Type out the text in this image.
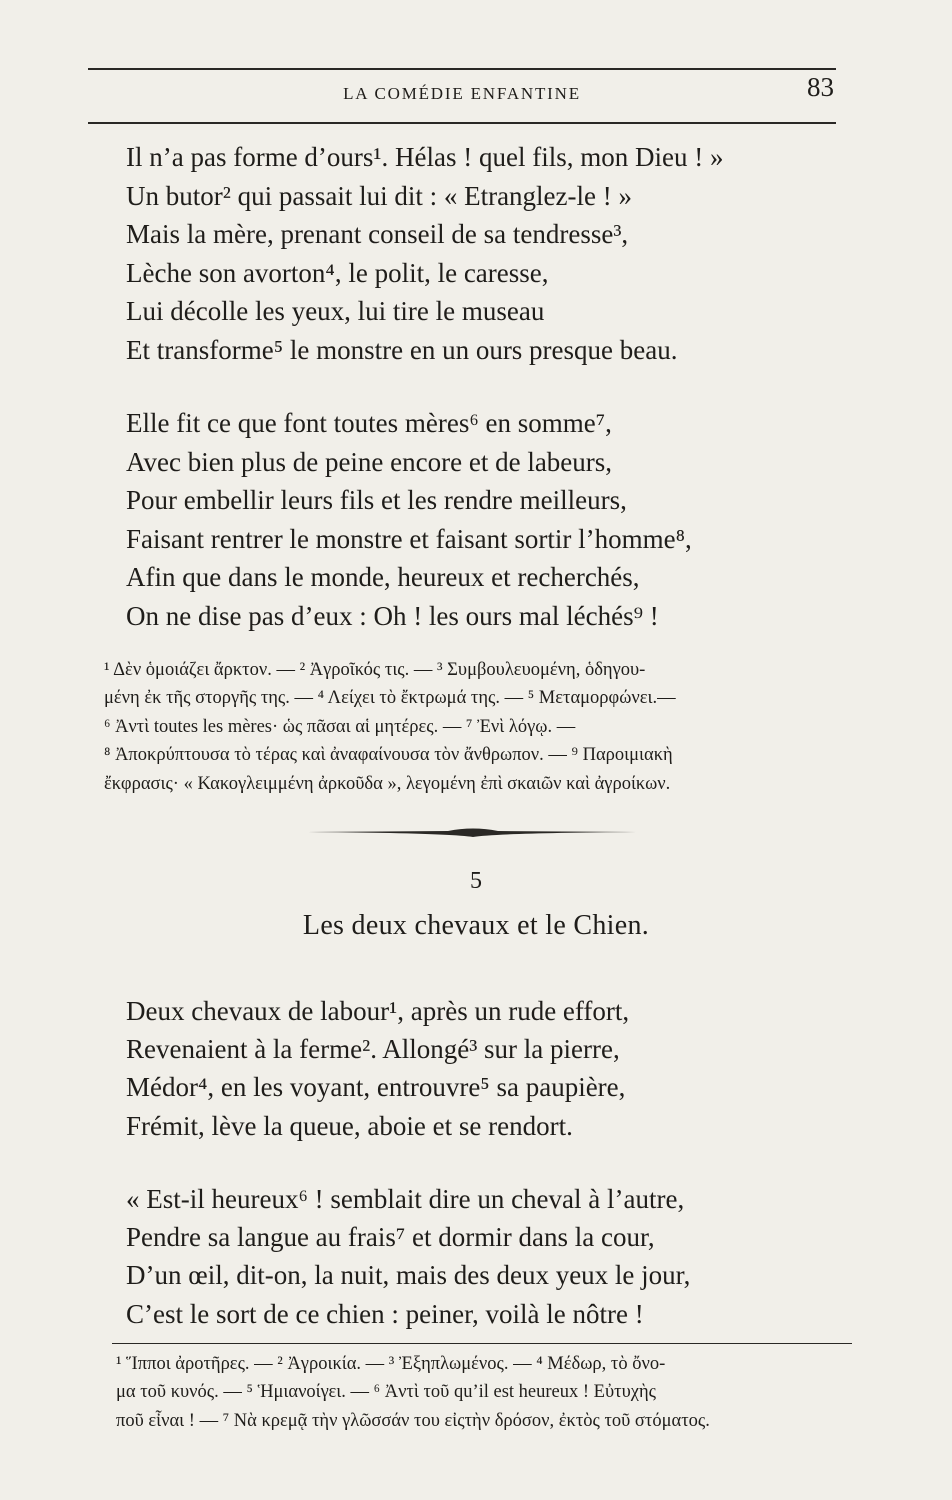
LA COMÉDIE ENFANTINE	83
Il n’a pas forme d’ours¹. Hélas ! quel fils, mon Dieu ! »
Un butor² qui passait lui dit : « Etranglez-le ! »
Mais la mère, prenant conseil de sa tendresse³,
Lèche son avorton⁴, le polit, le caresse,
Lui décolle les yeux, lui tire le museau
Et transforme⁵ le monstre en un ours presque beau.
Elle fit ce que font toutes mères⁶ en somme⁷,
Avec bien plus de peine encore et de labeurs,
Pour embellir leurs fils et les rendre meilleurs,
Faisant rentrer le monstre et faisant sortir l’homme⁸,
Afin que dans le monde, heureux et recherchés,
On ne dise pas d’eux : Oh ! les ours mal léchés⁹ !
¹ Δὲν ὁμοιάζει ἄρκτον. — ² Ἀγροῖκός τις. — ³ Συμβουλευομένη, ὁδηγου-
μένη ἐκ τῆς στοργῆς της. — ⁴ Λείχει τὸ ἔκτρωμά της. — ⁵ Μεταμορφώνει.—
⁶ Ἀντὶ toutes les mères· ὡς πᾶσαι αἱ μητέρες. — ⁷ Ἐνὶ λόγῳ. —
⁸ Ἀποκρύπτουσα τὸ τέρας καὶ ἀναφαίνουσα τὸν ἄνθρωπον. — ⁹ Παροιμιακὴ
ἔκφρασις· « Κακογλειμμένη ἀρκοῦδα », λεγομένη ἐπὶ σκαιῶν καὶ ἀγροίκων.
5
Les deux chevaux et le Chien.
Deux chevaux de labour¹, après un rude effort,
Revenaient à la ferme². Allongé³ sur la pierre,
Médor⁴, en les voyant, entrouvre⁵ sa paupière,
Frémit, lève la queue, aboie et se rendort.
« Est-il heureux⁶ ! semblait dire un cheval à l’autre,
Pendre sa langue au frais⁷ et dormir dans la cour,
D’un œil, dit-on, la nuit, mais des deux yeux le jour,
C’est le sort de ce chien : peiner, voilà le nôtre !
¹ Ἵπποι ἀροτῆρες. — ² Ἀγροικία. — ³ Ἐξηπλωμένος. — ⁴ Μέδωρ, τὸ ὄνο-
μα τοῦ κυνός. — ⁵ Ἡμιανοίγει. — ⁶ Ἀντὶ τοῦ qu’il est heureux ! Εὐτυχὴς
ποῦ εἶναι ! — ⁷ Νὰ κρεμᾷ τὴν γλῶσσάν του εἰςτὴν δρόσον, ἐκτὸς τοῦ στόματος.
